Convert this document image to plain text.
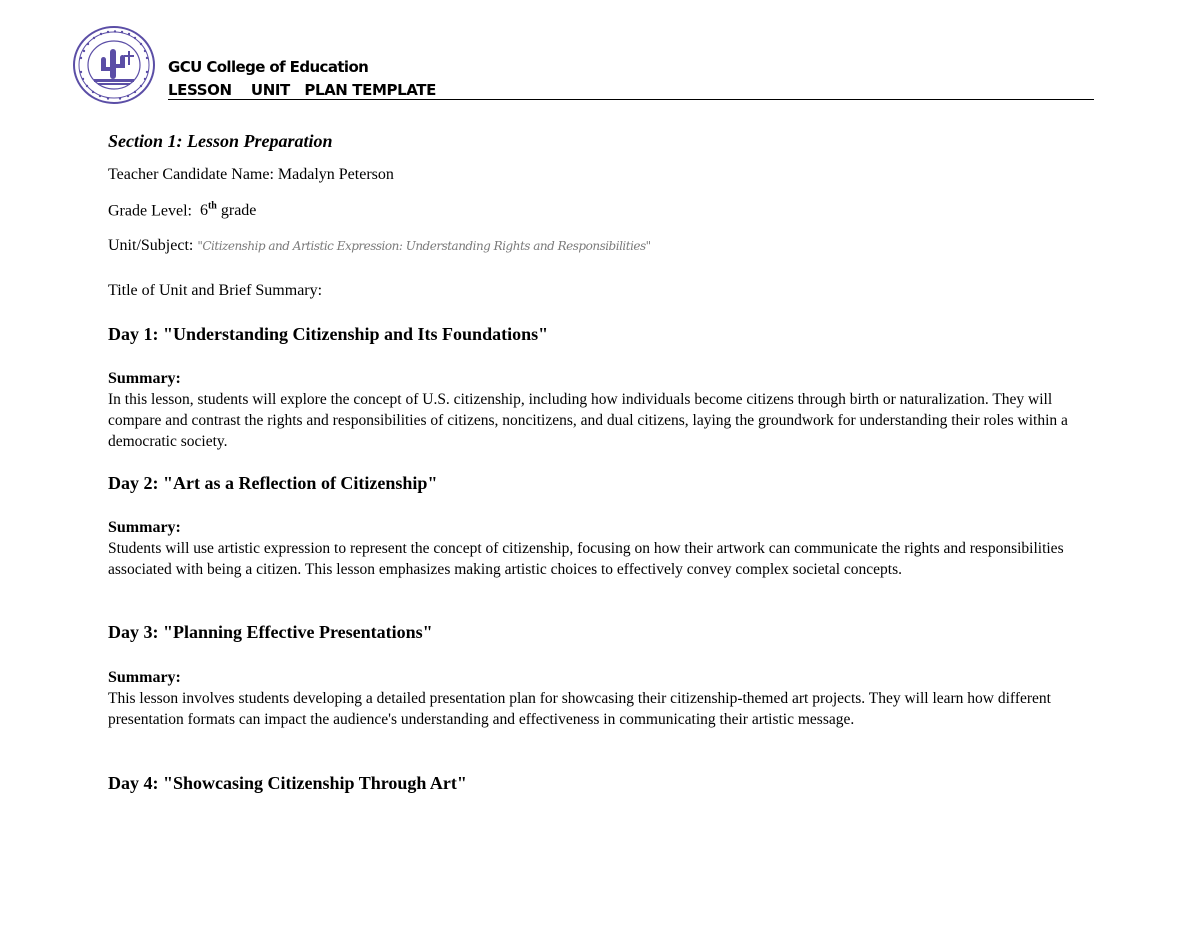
GCU College of Education
LESSON    UNIT   PLAN TEMPLATE
Section 1: Lesson Preparation
Teacher Candidate Name: Madalyn Peterson
Grade Level: 6th grade
Unit/Subject: "Citizenship and Artistic Expression: Understanding Rights and Responsibilities"
Title of Unit and Brief Summary:
Day 1: "Understanding Citizenship and Its Foundations"
Summary:
In this lesson, students will explore the concept of U.S. citizenship, including how individuals become citizens through birth or naturalization. They will compare and contrast the rights and responsibilities of citizens, noncitizens, and dual citizens, laying the groundwork for understanding their roles within a democratic society.
Day 2: "Art as a Reflection of Citizenship"
Summary:
Students will use artistic expression to represent the concept of citizenship, focusing on how their artwork can communicate the rights and responsibilities associated with being a citizen. This lesson emphasizes making artistic choices to effectively convey complex societal concepts.
Day 3: "Planning Effective Presentations"
Summary:
This lesson involves students developing a detailed presentation plan for showcasing their citizenship-themed art projects. They will learn how different presentation formats can impact the audience's understanding and effectiveness in communicating their artistic message.
Day 4: "Showcasing Citizenship Through Art"
